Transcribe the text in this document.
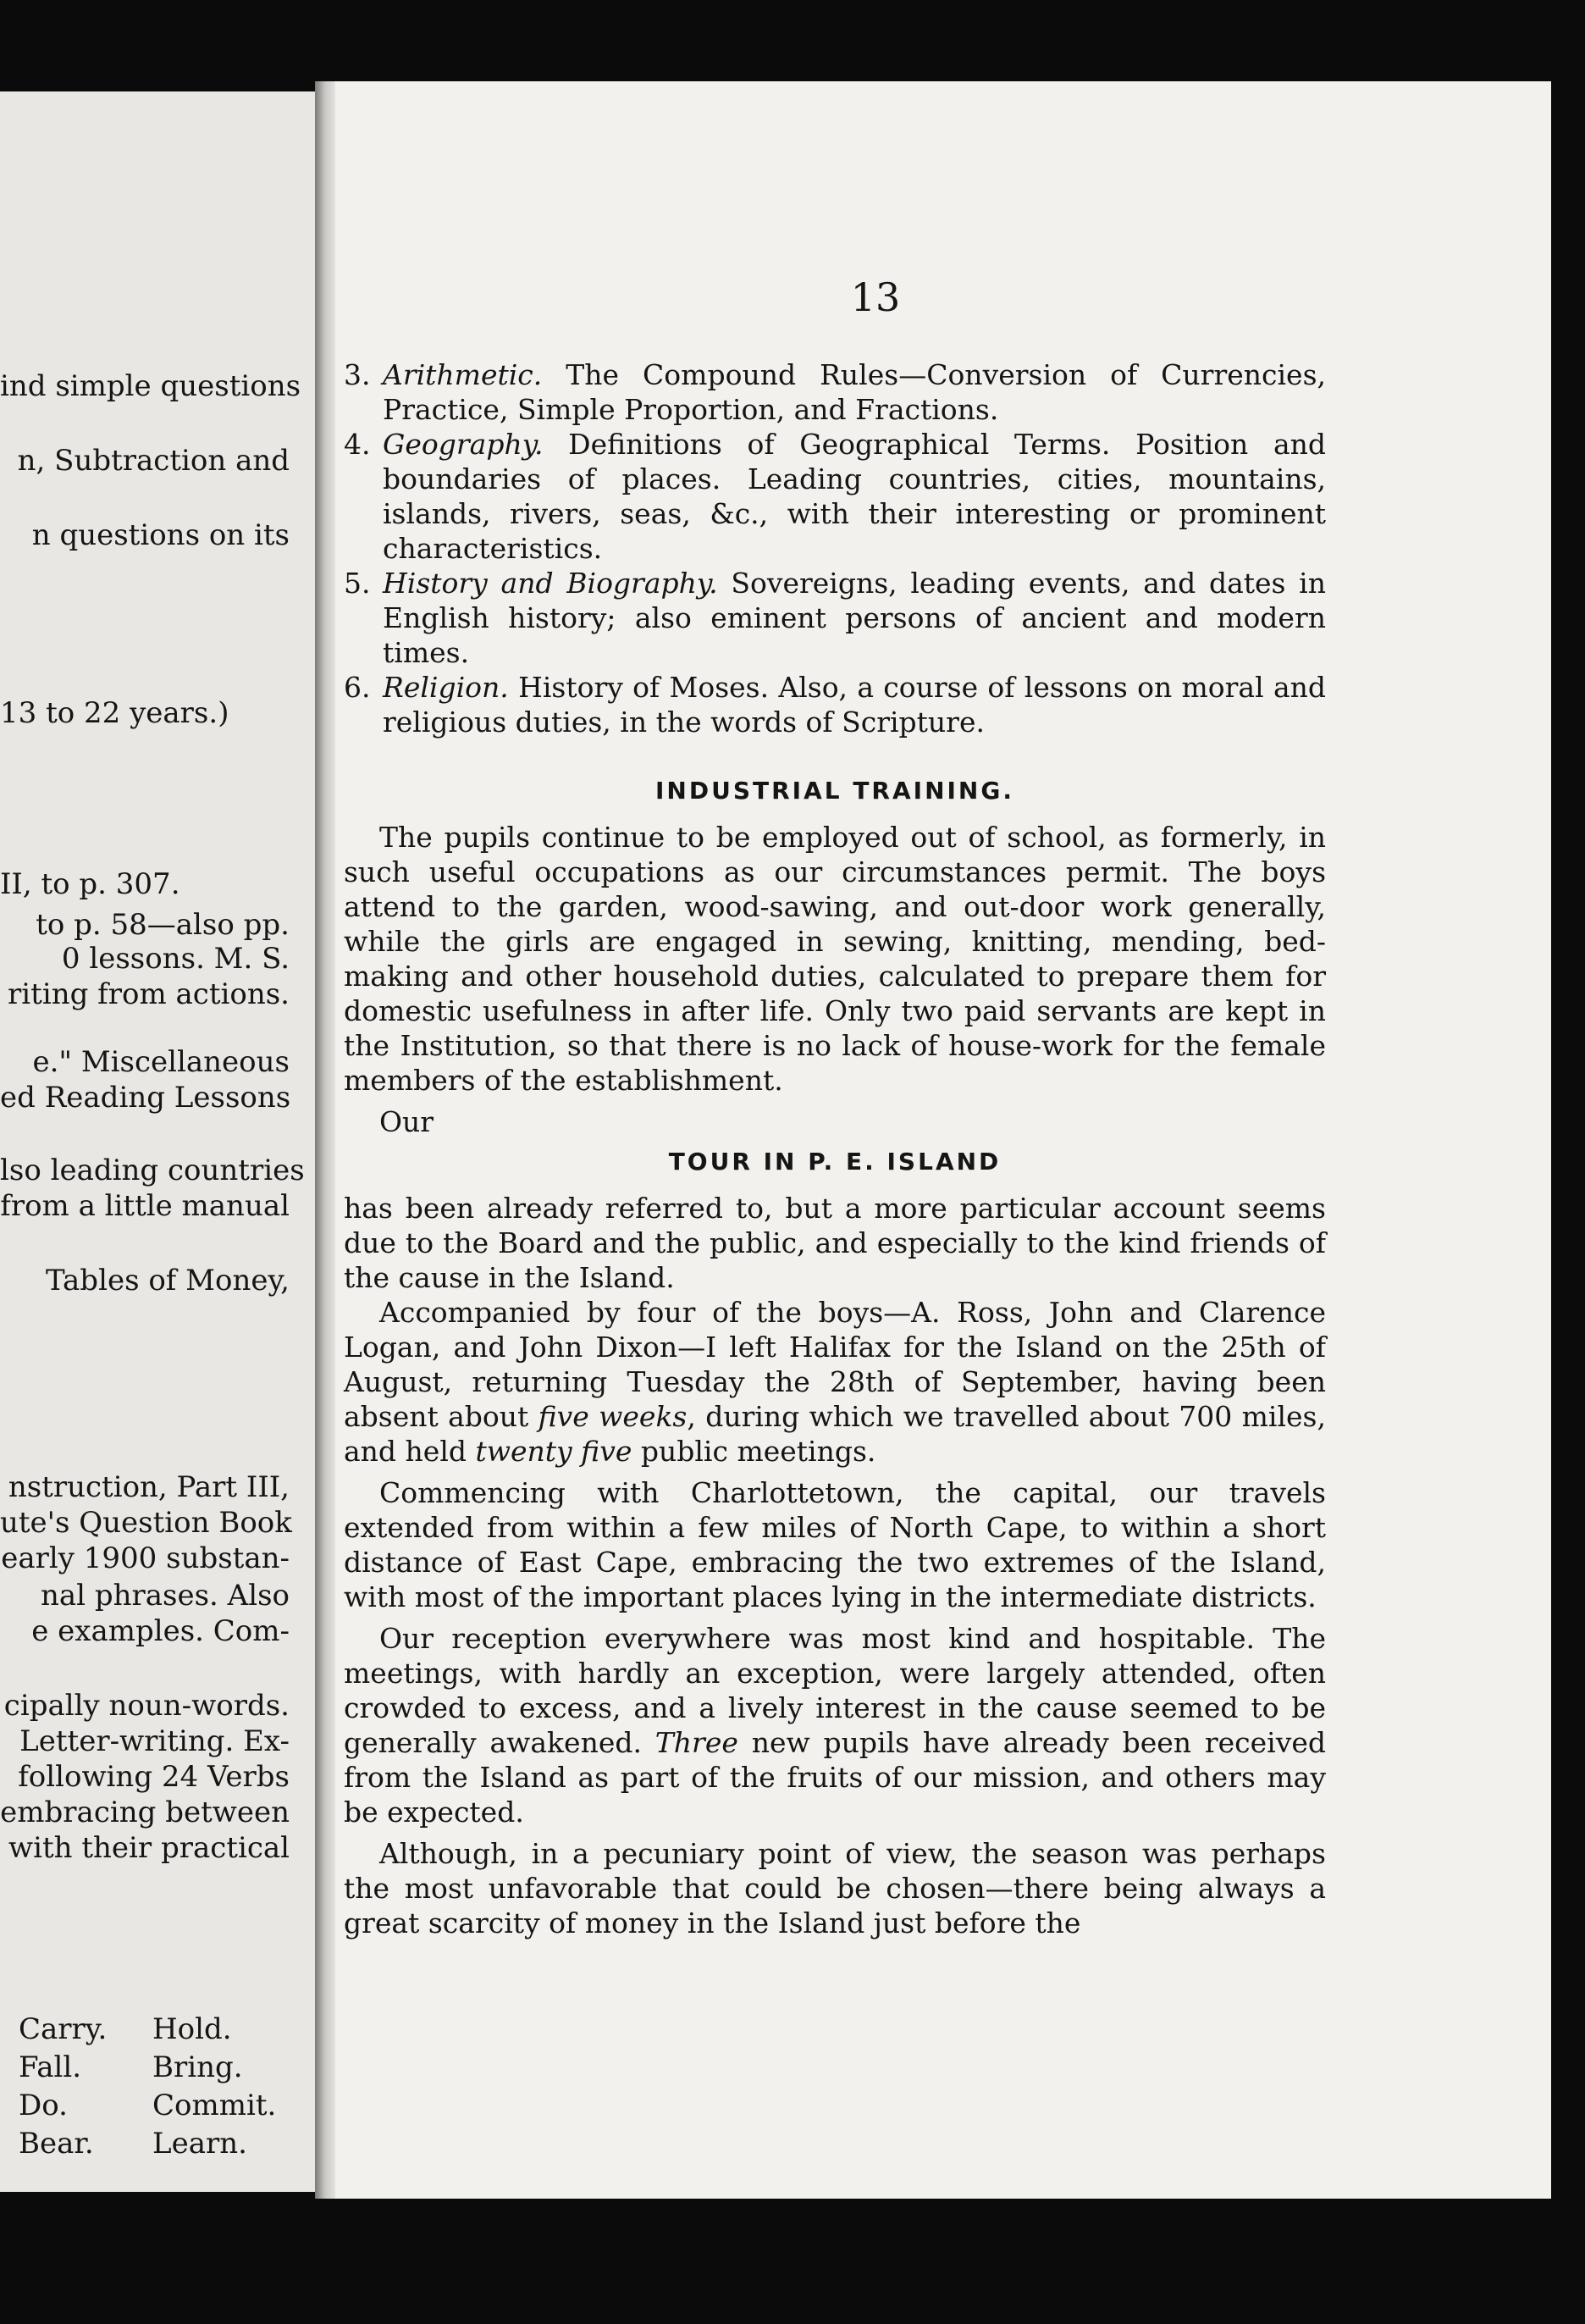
ind simple questions
n, Subtraction and
n questions on its
13 to 22 years.)
II, to p. 307.
to p. 58—also pp.
0 lessons. M. S.
riting from actions.
e." Miscellaneous
ed Reading Lessons
lso leading countries
from a little manual
Tables of Money,
nstruction, Part III,
ute's Question Book
early 1900 substan-
nal phrases. Also
e examples. Com-
cipally noun-words.
Letter-writing. Ex-
following 24 Verbs
embracing between
with their practical
Carry.	Hold.
Fall.	Bring.
Do.	Commit.
Bear.	Learn.
13
3. Arithmetic. The Compound Rules—Conversion of Currencies, Practice, Simple Proportion, and Fractions.
4. Geography. Definitions of Geographical Terms. Position and boundaries of places. Leading countries, cities, mountains, islands, rivers, seas, &c., with their interesting or prominent characteristics.
5. History and Biography. Sovereigns, leading events, and dates in English history; also eminent persons of ancient and modern times.
6. Religion. History of Moses. Also, a course of lessons on moral and religious duties, in the words of Scripture.
INDUSTRIAL TRAINING.

The pupils continue to be employed out of school, as formerly, in such useful occupations as our circumstances permit. The boys attend to the garden, wood-sawing, and out-door work generally, while the girls are engaged in sewing, knitting, mending, bed-making and other household duties, calculated to prepare them for domestic usefulness in after life. Only two paid servants are kept in the Institution, so that there is no lack of house-work for the female members of the establishment.

Our

TOUR IN P. E. ISLAND

has been already referred to, but a more particular account seems due to the Board and the public, and especially to the kind friends of the cause in the Island.

Accompanied by four of the boys—A. Ross, John and Clarence Logan, and John Dixon—I left Halifax for the Island on the 25th of August, returning Tuesday the 28th of September, having been absent about five weeks, during which we travelled about 700 miles, and held twenty five public meetings.

Commencing with Charlottetown, the capital, our travels extended from within a few miles of North Cape, to within a short distance of East Cape, embracing the two extremes of the Island, with most of the important places lying in the intermediate districts.

Our reception everywhere was most kind and hospitable. The meetings, with hardly an exception, were largely attended, often crowded to excess, and a lively interest in the cause seemed to be generally awakened. Three new pupils have already been received from the Island as part of the fruits of our mission, and others may be expected.

Although, in a pecuniary point of view, the season was perhaps the most unfavorable that could be chosen—there being always a great scarcity of money in the Island just before the
